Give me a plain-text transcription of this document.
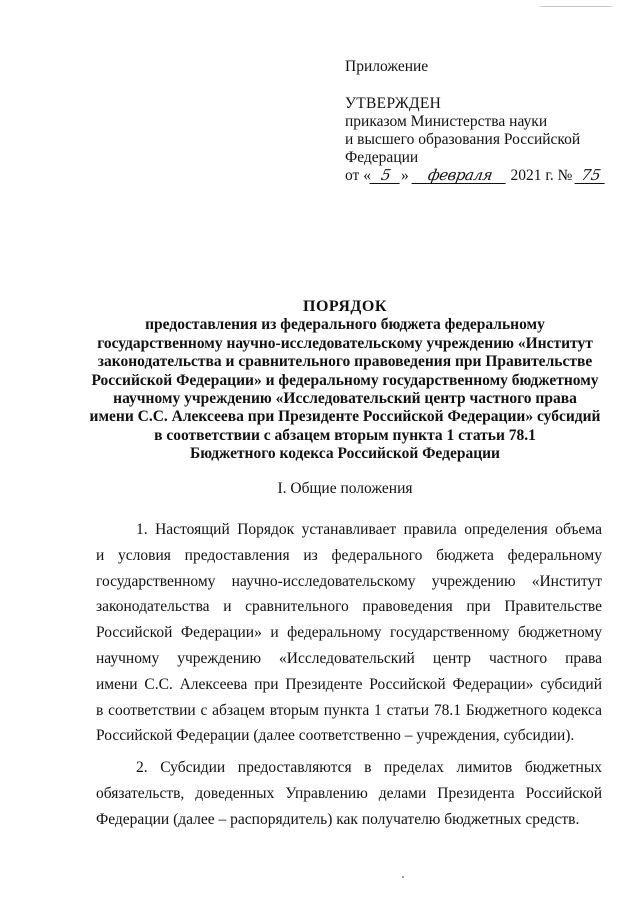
Приложение
УТВЕРЖДЕН
приказом Министерства науки
и высшего образования Российской
Федерации
от « 5 » февраля 2021 г. № 75
ПОРЯДОК
предоставления из федерального бюджета федеральному
государственному научно-исследовательскому учреждению «Институт
законодательства и сравнительного правоведения при Правительстве
Российской Федерации» и федеральному государственному бюджетному
научному учреждению «Исследовательский центр частного права
имени С.С. Алексеева при Президенте Российской Федерации» субсидий
в соответствии с абзацем вторым пункта 1 статьи 78.1
Бюджетного кодекса Российской Федерации
I. Общие положения
1. Настоящий Порядок устанавливает правила определения объема
и условия предоставления из федерального бюджета федеральному
государственному научно-исследовательскому учреждению «Институт
законодательства и сравнительного правоведения при Правительстве
Российской Федерации» и федеральному государственному бюджетному
научному учреждению «Исследовательский центр частного права
имени С.С. Алексеева при Президенте Российской Федерации» субсидий
в соответствии с абзацем вторым пункта 1 статьи 78.1 Бюджетного кодекса
Российской Федерации (далее соответственно – учреждения, субсидии).
2. Субсидии предоставляются в пределах лимитов бюджетных
обязательств, доведенных Управлению делами Президента Российской
Федерации (далее – распорядитель) как получателю бюджетных средств.
